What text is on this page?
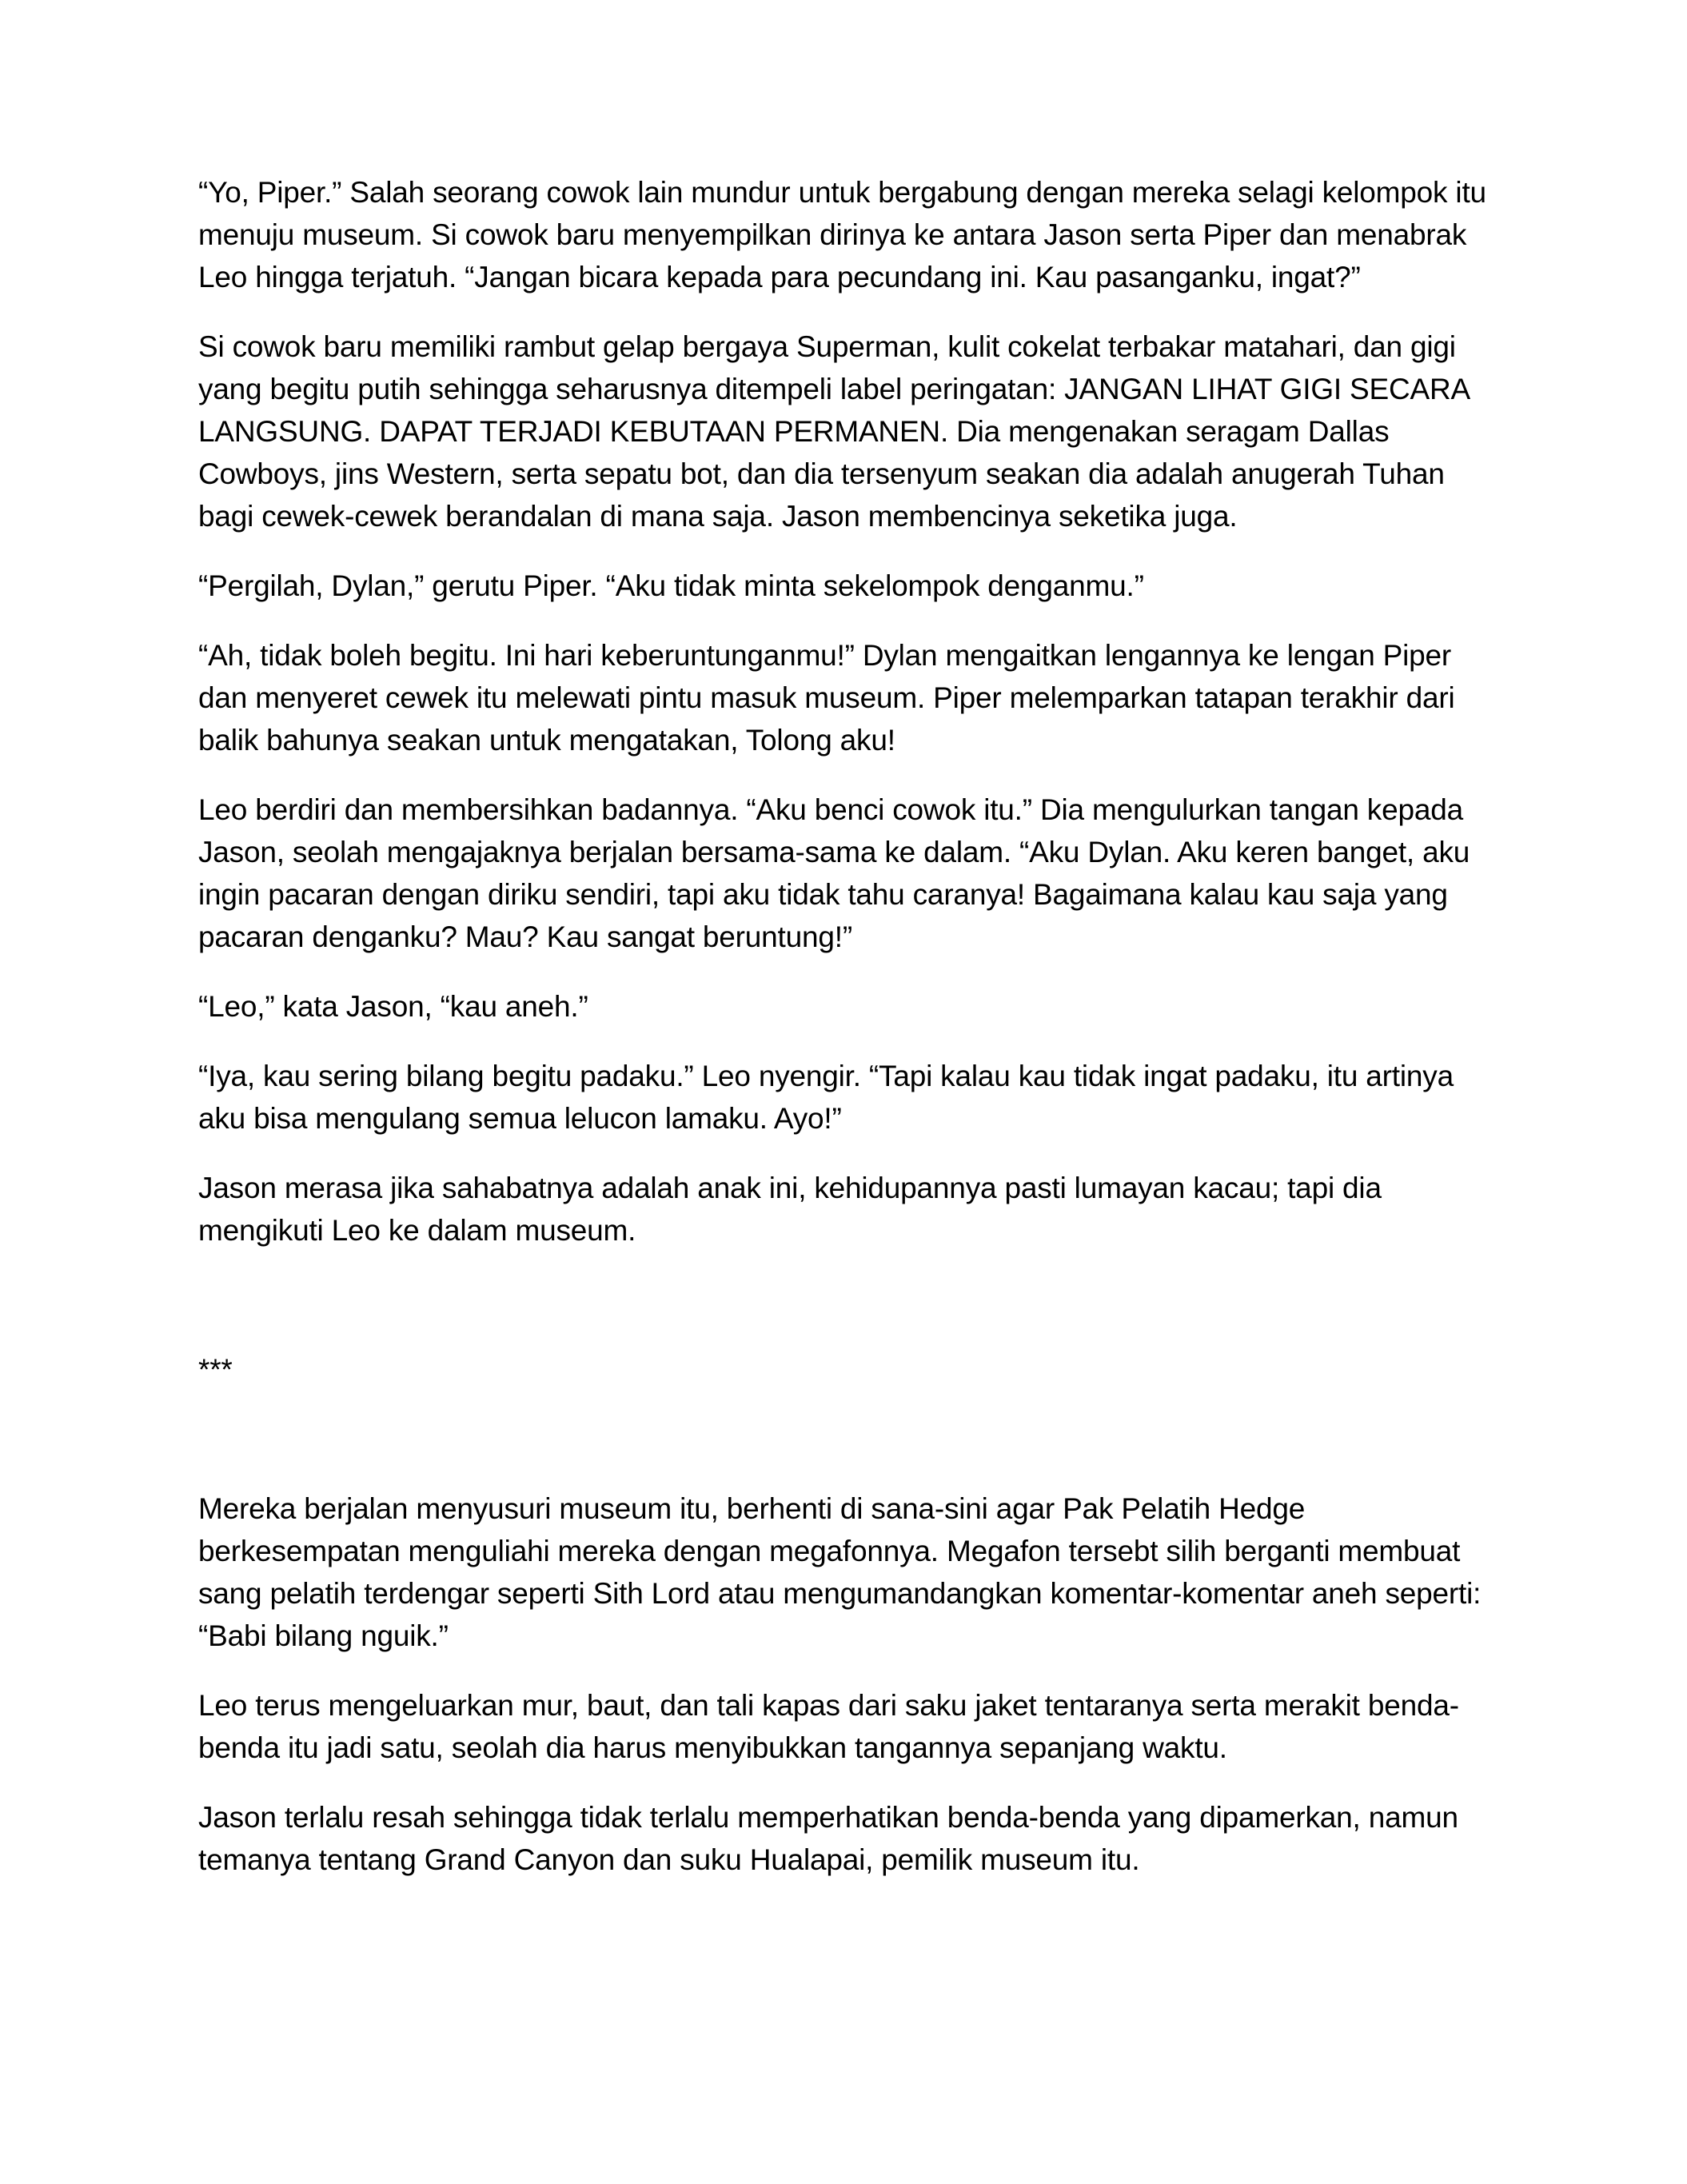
“Yo, Piper.” Salah seorang cowok lain mundur untuk bergabung dengan mereka selagi kelompok itu menuju museum. Si cowok baru menyempilkan dirinya ke antara Jason serta Piper dan menabrak Leo hingga terjatuh. “Jangan bicara kepada para pecundang ini. Kau pasanganku, ingat?”

Si cowok baru memiliki rambut gelap bergaya Superman, kulit cokelat terbakar matahari, dan gigi yang begitu putih sehingga seharusnya ditempeli label peringatan: JANGAN LIHAT GIGI SECARA LANGSUNG. DAPAT TERJADI KEBUTAAN PERMANEN. Dia mengenakan seragam Dallas Cowboys, jins Western, serta sepatu bot, dan dia tersenyum seakan dia adalah anugerah Tuhan bagi cewek-cewek berandalan di mana saja. Jason membencinya seketika juga.

“Pergilah, Dylan,” gerutu Piper. “Aku tidak minta sekelompok denganmu.”

“Ah, tidak boleh begitu. Ini hari keberuntunganmu!” Dylan mengaitkan lengannya ke lengan Piper dan menyeret cewek itu melewati pintu masuk museum. Piper melemparkan tatapan terakhir dari balik bahunya seakan untuk mengatakan, Tolong aku!

Leo berdiri dan membersihkan badannya. “Aku benci cowok itu.” Dia mengulurkan tangan kepada Jason, seolah mengajaknya berjalan bersama-sama ke dalam. “Aku Dylan. Aku keren banget, aku ingin pacaran dengan diriku sendiri, tapi aku tidak tahu caranya! Bagaimana kalau kau saja yang pacaran denganku? Mau? Kau sangat beruntung!”

“Leo,” kata Jason, “kau aneh.”

“Iya, kau sering bilang begitu padaku.” Leo nyengir. “Tapi kalau kau tidak ingat padaku, itu artinya aku bisa mengulang semua lelucon lamaku. Ayo!”

Jason merasa jika sahabatnya adalah anak ini, kehidupannya pasti lumayan kacau; tapi dia mengikuti Leo ke dalam museum.

***

Mereka berjalan menyusuri museum itu, berhenti di sana-sini agar Pak Pelatih Hedge berkesempatan menguliahi mereka dengan megafonnya. Megafon tersebt silih berganti membuat sang pelatih terdengar seperti Sith Lord atau mengumandangkan komentar-komentar aneh seperti: “Babi bilang nguik.”

Leo terus mengeluarkan mur, baut, dan tali kapas dari saku jaket tentaranya serta merakit benda-benda itu jadi satu, seolah dia harus menyibukkan tangannya sepanjang waktu.

Jason terlalu resah sehingga tidak terlalu memperhatikan benda-benda yang dipamerkan, namun temanya tentang Grand Canyon dan suku Hualapai, pemilik museum itu.
